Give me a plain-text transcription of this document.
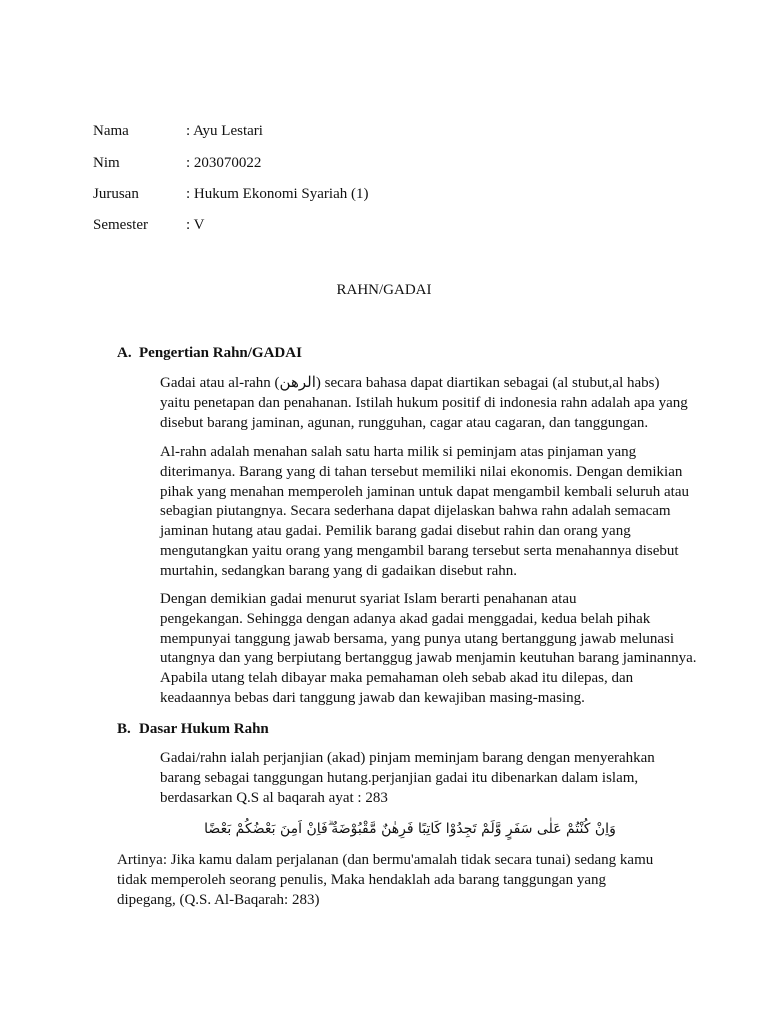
Nama	: Ayu Lestari
Nim	: 203070022
Jurusan	: Hukum Ekonomi Syariah (1)
Semester	: V
RAHN/GADAI
A. Pengertian Rahn/GADAI

Gadai atau al-rahn (الرهن) secara bahasa dapat diartikan sebagai (al stubut,al habs)
yaitu penetapan dan penahanan. Istilah hukum positif di indonesia rahn adalah apa yang
disebut barang jaminan, agunan, rungguhan, cagar atau cagaran, dan tanggungan.

Al-rahn adalah menahan salah satu harta milik si peminjam atas pinjaman yang
diterimanya. Barang yang di tahan tersebut memiliki nilai ekonomis. Dengan demikian
pihak yang menahan memperoleh jaminan untuk dapat mengambil kembali seluruh atau
sebagian piutangnya. Secara sederhana dapat dijelaskan bahwa rahn adalah semacam
jaminan hutang atau gadai. Pemilik barang gadai disebut rahin dan orang yang
mengutangkan yaitu orang yang mengambil barang tersebut serta menahannya disebut
murtahin, sedangkan barang yang di gadaikan disebut rahn.

Dengan demikian gadai menurut syariat Islam berarti penahanan atau
pengekangan. Sehingga dengan adanya akad gadai menggadai, kedua belah pihak
mempunyai tanggung jawab bersama, yang punya utang bertanggung jawab melunasi
utangnya dan yang berpiutang bertanggug jawab menjamin keutuhan barang jaminannya.
Apabila utang telah dibayar maka pemahaman oleh sebab akad itu dilepas, dan
keadaannya bebas dari tanggung jawab dan kewajiban masing-masing.

B. Dasar Hukum Rahn

Gadai/rahn ialah perjanjian (akad) pinjam meminjam barang dengan menyerahkan
barang sebagai tanggungan hutang.perjanjian gadai itu dibenarkan dalam islam,
berdasarkan Q.S al baqarah ayat : 283

وَاِنْ كُنْتُمْ عَلٰى سَفَرٍ وَّلَمْ تَجِدُوْا كَاتِبًا فَرِهٰنٌ مَّقْبُوْضَةٌ ۗفَاِنْ اَمِنَ بَعْضُكُمْ بَعْضًا

Artinya: Jika kamu dalam perjalanan (dan bermu'amalah tidak secara tunai) sedang kamu
tidak memperoleh seorang penulis, Maka hendaklah ada barang tanggungan yang
dipegang, (Q.S. Al-Baqarah: 283)
